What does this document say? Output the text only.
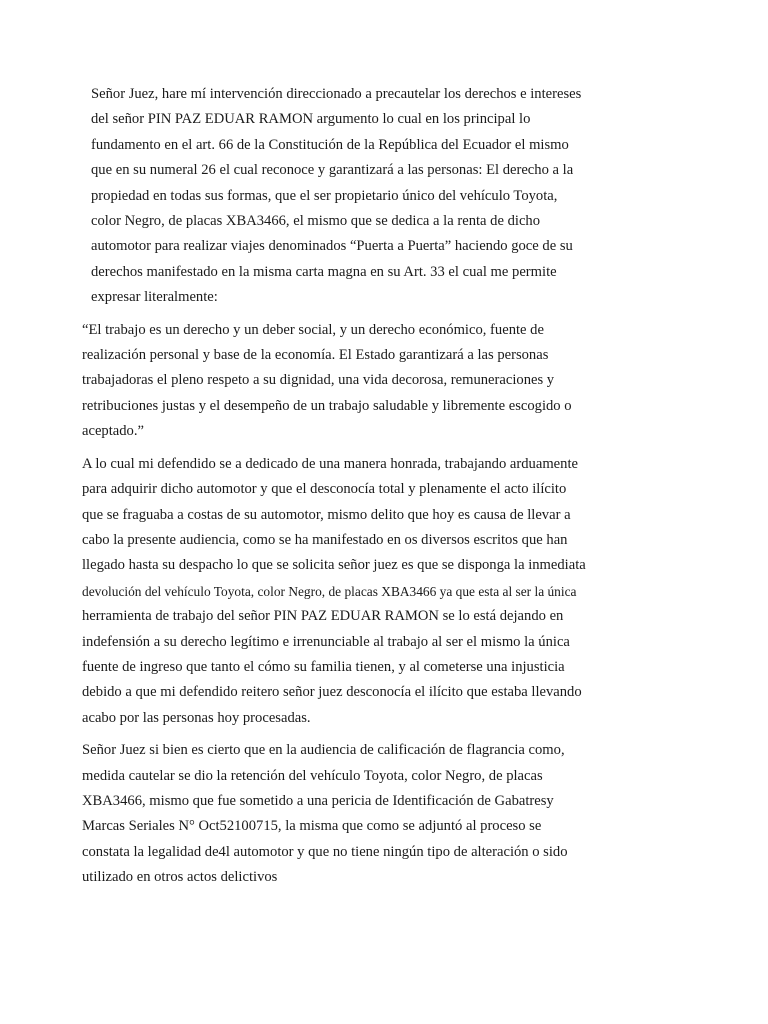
Señor Juez, hare mí intervención direccionado a precautelar los derechos e intereses
del señor PIN PAZ EDUAR RAMON argumento lo cual en los principal lo
fundamento en el art. 66 de la Constitución de la República del Ecuador el mismo
que en su numeral 26 el cual reconoce y garantizará a las personas: El derecho a la
propiedad en todas sus formas, que el ser propietario único del vehículo Toyota,
color Negro, de placas XBA3466, el mismo que se dedica a la renta de dicho
automotor para realizar viajes denominados “Puerta a Puerta” haciendo goce de su
derechos manifestado en la misma carta magna en su Art. 33 el cual me permite
expresar literalmente:

“El trabajo es un derecho y un deber social, y un derecho económico, fuente de
realización personal y base de la economía. El Estado garantizará a las personas
trabajadoras el pleno respeto a su dignidad, una vida decorosa, remuneraciones y
retribuciones justas y el desempeño de un trabajo saludable y libremente escogido o
aceptado.”

A lo cual mi defendido se a dedicado de una manera honrada, trabajando arduamente
para adquirir dicho automotor y que el desconocía total y plenamente el acto ilícito
que se fraguaba a costas de su automotor, mismo delito que hoy es causa de llevar a
cabo la presente audiencia, como se ha manifestado en os diversos escritos que han
llegado hasta su despacho lo que se solicita señor juez es que se disponga la inmediata
devolución del vehículo Toyota, color Negro, de placas XBA3466 ya que esta al ser la única
herramienta de trabajo del señor PIN PAZ EDUAR RAMON se lo está dejando en
indefensión a su derecho legítimo e irrenunciable al trabajo al ser el mismo la única
fuente de ingreso que tanto el cómo su familia tienen, y al cometerse una injusticia
debido a que mi defendido reitero señor juez desconocía el ilícito que estaba llevando
acabo por las personas hoy procesadas.

Señor Juez si bien es cierto que en la audiencia de calificación de flagrancia como,
medida cautelar se dio la retención del vehículo Toyota, color Negro, de placas
XBA3466, mismo que fue sometido a una pericia de Identificación de Gabatresy
Marcas Seriales N° Oct52100715, la misma que como se adjuntó al proceso se
constata la legalidad de4l automotor y que no tiene ningún tipo de alteración o sido
utilizado en otros actos delictivos
